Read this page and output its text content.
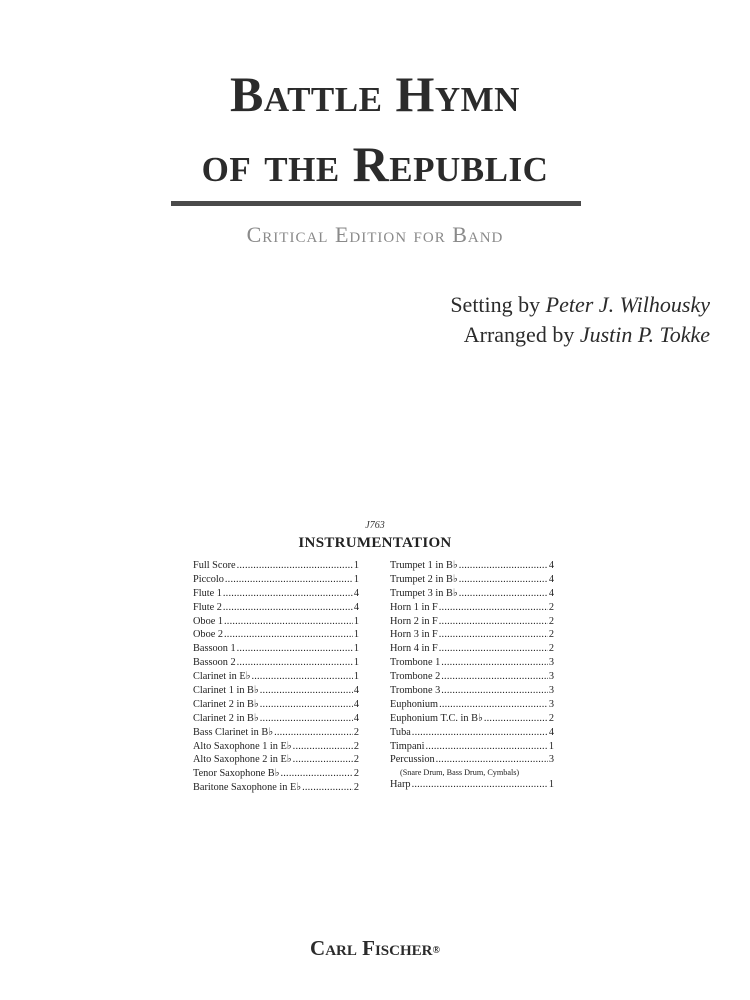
Battle Hymn
of the Republic
Critical Edition for Band
Setting by Peter J. Wilhousky
Arranged by Justin P. Tokke
J763
INSTRUMENTATION
Full Score .....	1
Piccolo .....	1
Flute 1 .....	4
Flute 2 .....	4
Oboe 1 .....	1
Oboe 2 .....	1
Bassoon 1 .....	1
Bassoon 2 .....	1
Clarinet in E♭ .....	1
Clarinet 1 in B♭ .....	4
Clarinet 2 in B♭ .....	4
Clarinet 2 in B♭ .....	4
Bass Clarinet in B♭ .....	2
Alto Saxophone 1 in E♭ .....	2
Alto Saxophone 2 in E♭ .....	2
Tenor Saxophone B♭ .....	2
Baritone Saxophone in E♭ .....	2
Trumpet 1 in B♭ .....	4
Trumpet 2 in B♭ .....	4
Trumpet 3 in B♭ .....	4
Horn 1 in F .....	2
Horn 2 in F .....	2
Horn 3 in F .....	2
Horn 4 in F .....	2
Trombone 1 .....	3
Trombone 2 .....	3
Trombone 3 .....	3
Euphonium .....	3
Euphonium T.C. in B♭ .....	2
Tuba .....	4
Timpani .....	1
Percussion .....	3
(Snare Drum, Bass Drum, Cymbals)
Harp .....	1
Carl Fischer®
